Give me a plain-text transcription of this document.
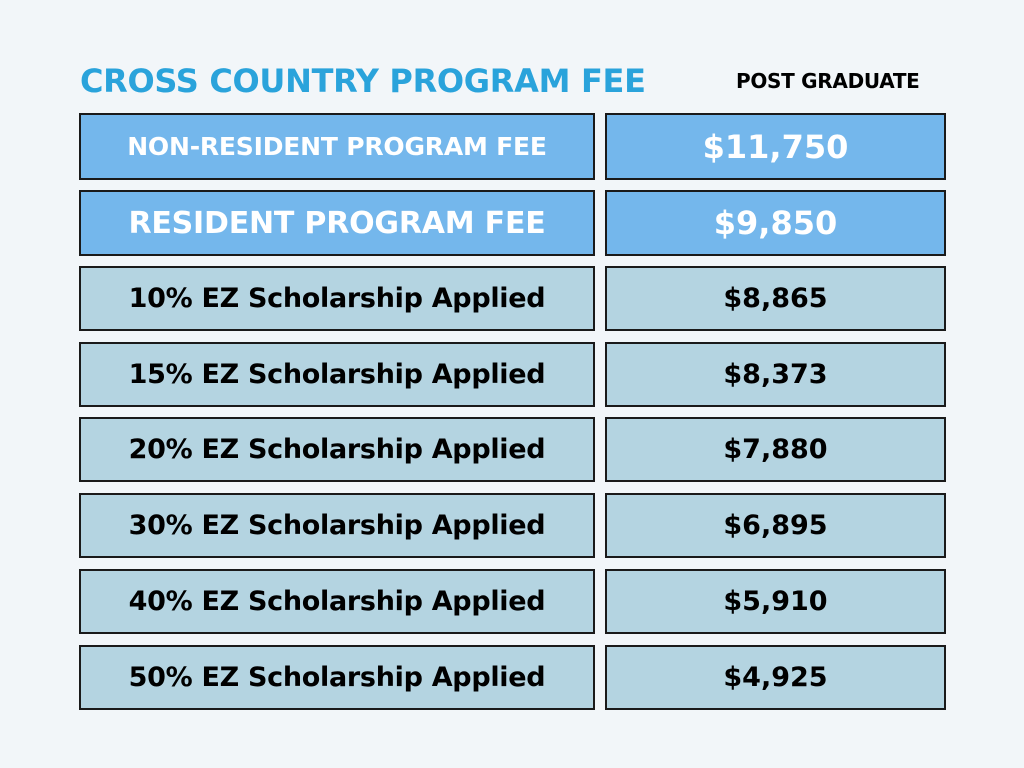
CROSS COUNTRY PROGRAM FEE	POST GRADUATE
NON-RESIDENT PROGRAM FEE	$11,750
RESIDENT PROGRAM FEE	$9,850
10% EZ Scholarship Applied	$8,865
15% EZ Scholarship Applied	$8,373
20% EZ Scholarship Applied	$7,880
30% EZ Scholarship Applied	$6,895
40% EZ Scholarship Applied	$5,910
50% EZ Scholarship Applied	$4,925
